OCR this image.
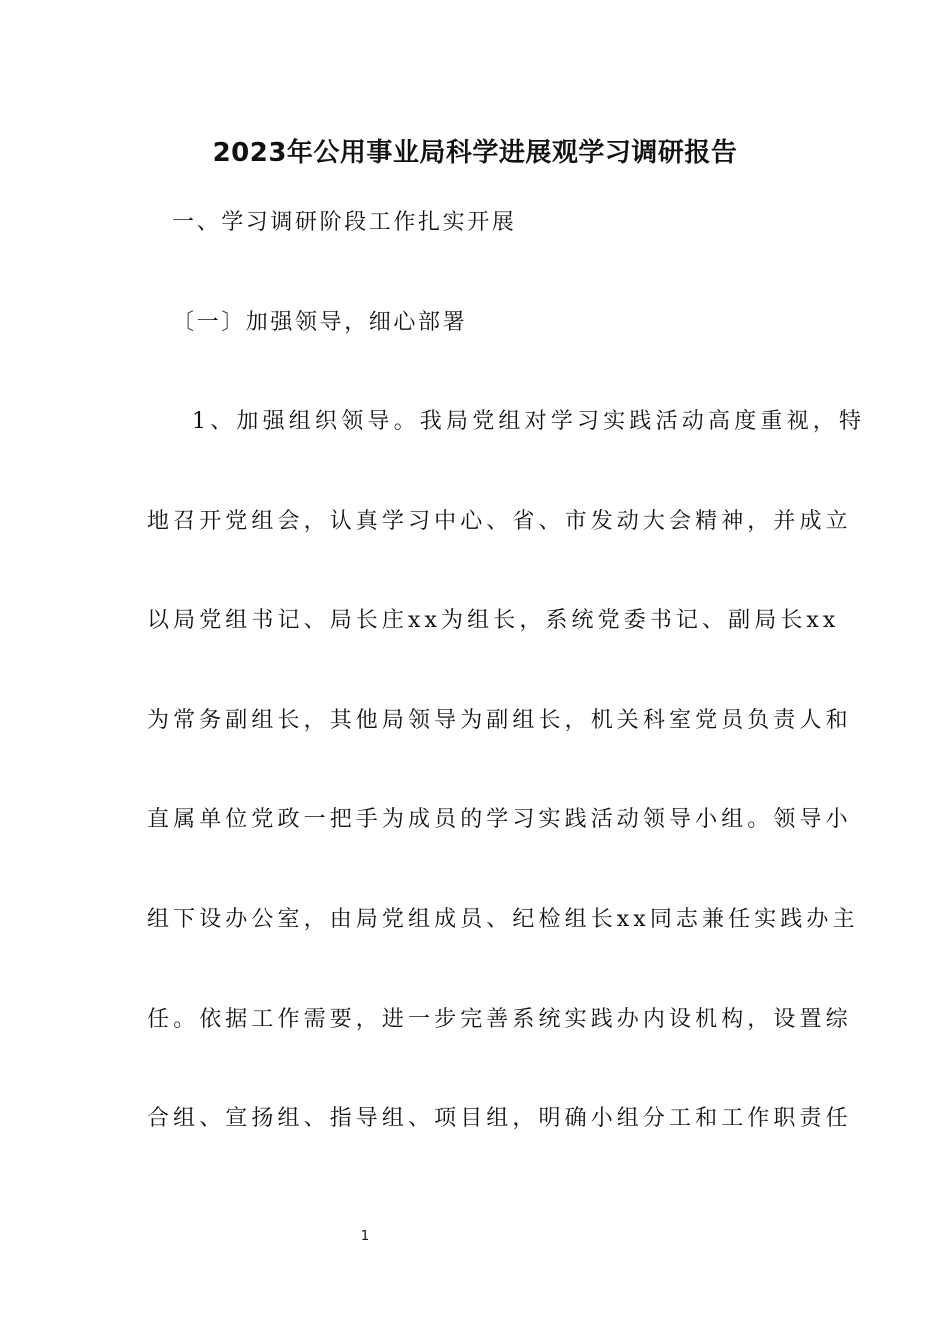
2023年公用事业局科学进展观学习调研报告
一、学习调研阶段工作扎实开展
〔一〕加强领导，细心部署
1、加强组织领导。我局党组对学习实践活动高度重视，特
地召开党组会，认真学习中心、省、市发动大会精神，并成立
以局党组书记、局长庄xx为组长，系统党委书记、副局长xx
为常务副组长，其他局领导为副组长，机关科室党员负责人和
直属单位党政一把手为成员的学习实践活动领导小组。领导小
组下设办公室，由局党组成员、纪检组长xx同志兼任实践办主
任。依据工作需要，进一步完善系统实践办内设机构，设置综
合组、宣扬组、指导组、项目组，明确小组分工和工作职责任
1
